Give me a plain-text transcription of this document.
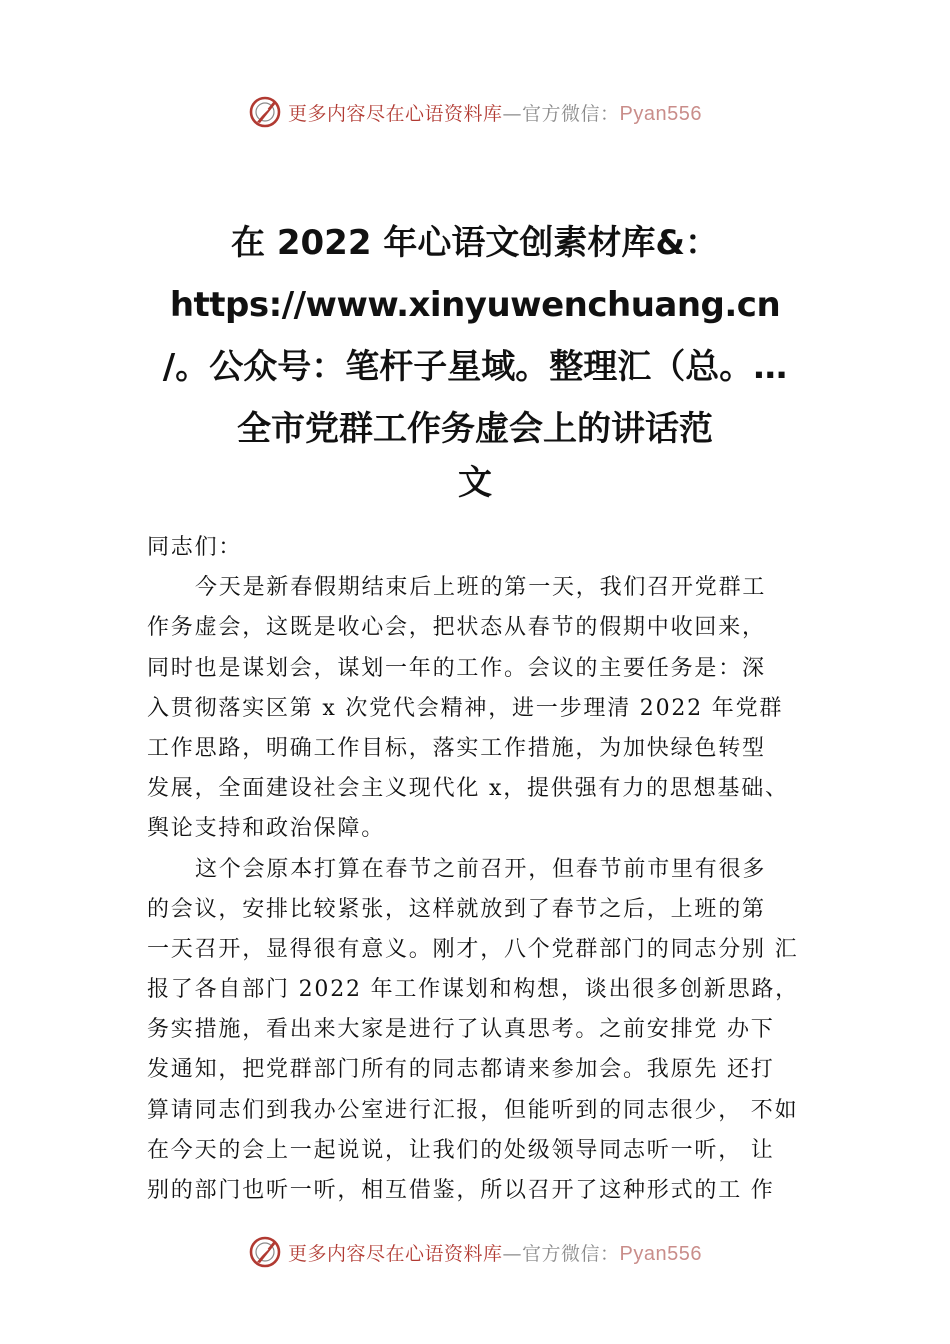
更多内容尽在心语资料库—官方微信：Pyan556
在 2022 年心语文创素材库&：
https://www.xinyuwenchuang.cn
/。公众号：笔杆子星域。整理汇（总。…
全市党群工作务虚会上的讲话范
文
同志们：
今天是新春假期结束后上班的第一天，我们召开党群工
作务虚会，这既是收心会，把状态从春节的假期中收回来，
同时也是谋划会，谋划一年的工作。会议的主要任务是：深
入贯彻落实区第 x 次党代会精神，进一步理清 2022 年党群
工作思路，明确工作目标，落实工作措施，为加快绿色转型
发展，全面建设社会主义现代化 x，提供强有力的思想基础、
舆论支持和政治保障。
这个会原本打算在春节之前召开，但春节前市里有很多
的会议，安排比较紧张，这样就放到了春节之后，上班的第
一天召开，显得很有意义。刚才，八个党群部门的同志分别 汇
报了各自部门 2022 年工作谋划和构想，谈出很多创新思路，
务实措施，看出来大家是进行了认真思考。之前安排党 办下
发通知，把党群部门所有的同志都请来参加会。我原先 还打
算请同志们到我办公室进行汇报，但能听到的同志很少， 不如
在今天的会上一起说说，让我们的处级领导同志听一听， 让
别的部门也听一听，相互借鉴，所以召开了这种形式的工 作
更多内容尽在心语资料库—官方微信：Pyan556
